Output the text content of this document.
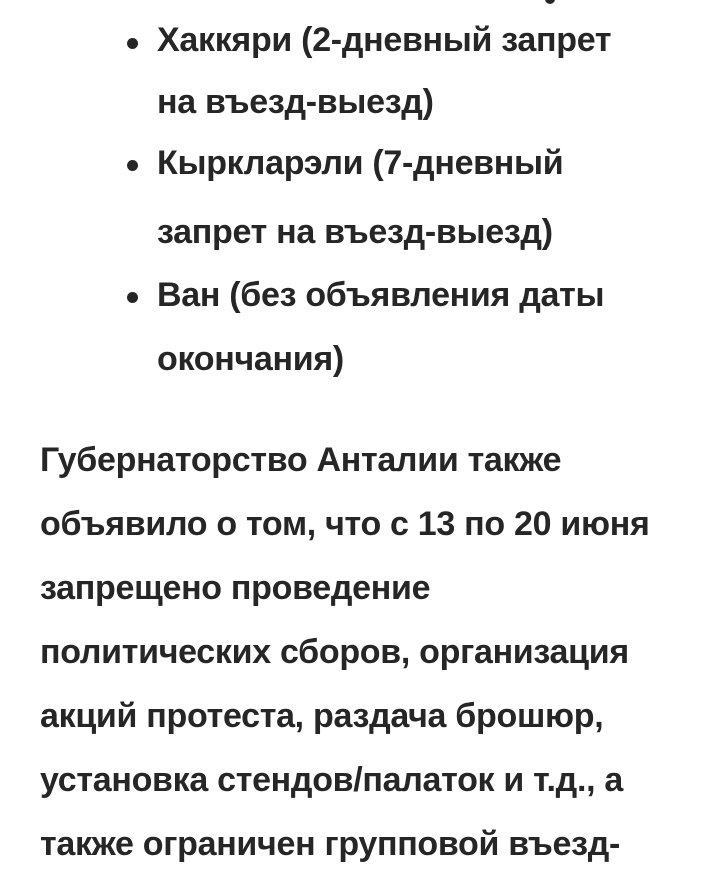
Хаккяри (2-дневный запрет
на въезд-выезд)
Кыркларэли (7-дневный
запрет на въезд-выезд)
Ван (без объявления даты
окончания)
Губернаторство Анталии также
объявило о том, что с 13 по 20 июня
запрещено проведение
политических сборов, организация
акций протеста, раздача брошюр,
установка стендов/палаток и т.д., а
также ограничен групповой въезд-
